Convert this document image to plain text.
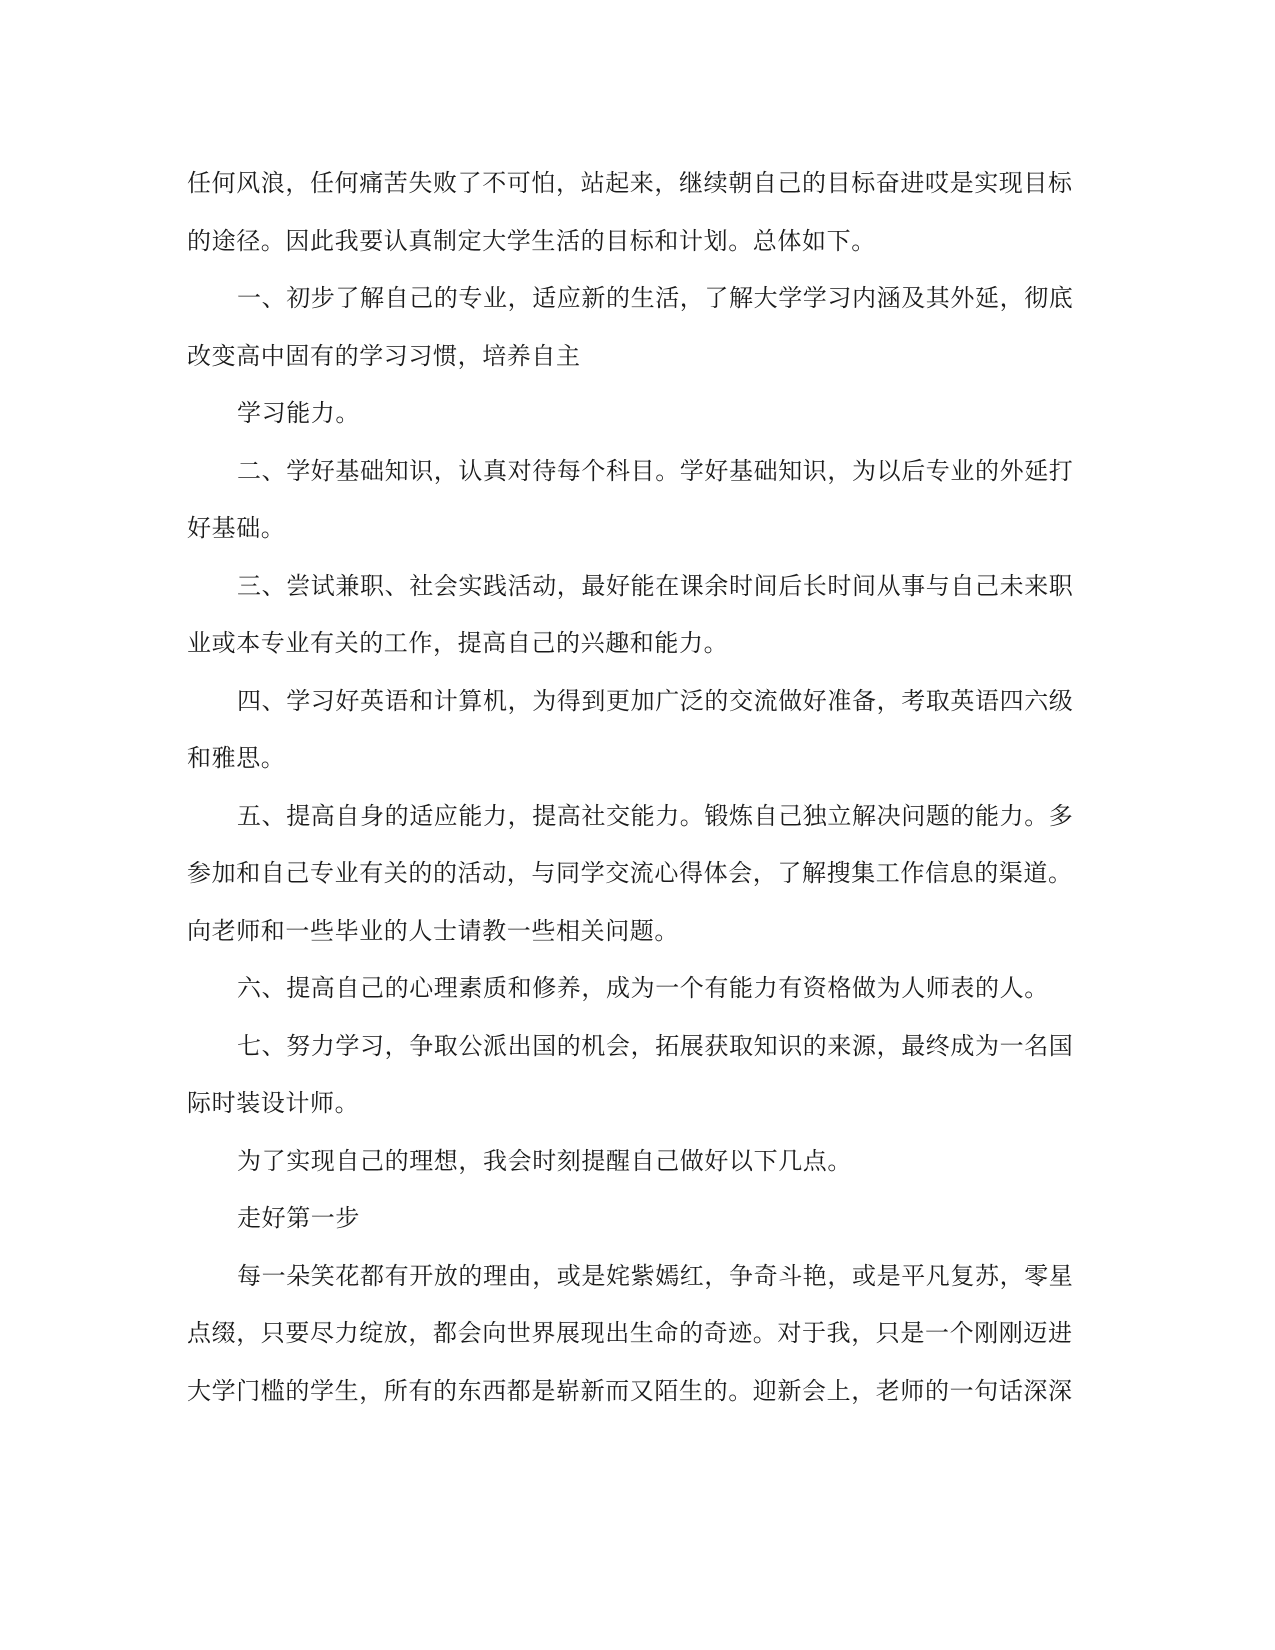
任何风浪，任何痛苦失败了不可怕，站起来，继续朝自己的目标奋进哎是实现目标
的途径。因此我要认真制定大学生活的目标和计划。总体如下。
一、初步了解自己的专业，适应新的生活，了解大学学习内涵及其外延，彻底
改变高中固有的学习习惯，培养自主
学习能力。
二、学好基础知识，认真对待每个科目。学好基础知识，为以后专业的外延打
好基础。
三、尝试兼职、社会实践活动，最好能在课余时间后长时间从事与自己未来职
业或本专业有关的工作，提高自己的兴趣和能力。
四、学习好英语和计算机，为得到更加广泛的交流做好准备，考取英语四六级
和雅思。
五、提高自身的适应能力，提高社交能力。锻炼自己独立解决问题的能力。多
参加和自己专业有关的的活动，与同学交流心得体会，了解搜集工作信息的渠道。
向老师和一些毕业的人士请教一些相关问题。
六、提高自己的心理素质和修养，成为一个有能力有资格做为人师表的人。
七、努力学习，争取公派出国的机会，拓展获取知识的来源，最终成为一名国
际时装设计师。
为了实现自己的理想，我会时刻提醒自己做好以下几点。
走好第一步
每一朵笑花都有开放的理由，或是姹紫嫣红，争奇斗艳，或是平凡复苏，零星
点缀，只要尽力绽放，都会向世界展现出生命的奇迹。对于我，只是一个刚刚迈进
大学门槛的学生，所有的东西都是崭新而又陌生的。迎新会上，老师的一句话深深
